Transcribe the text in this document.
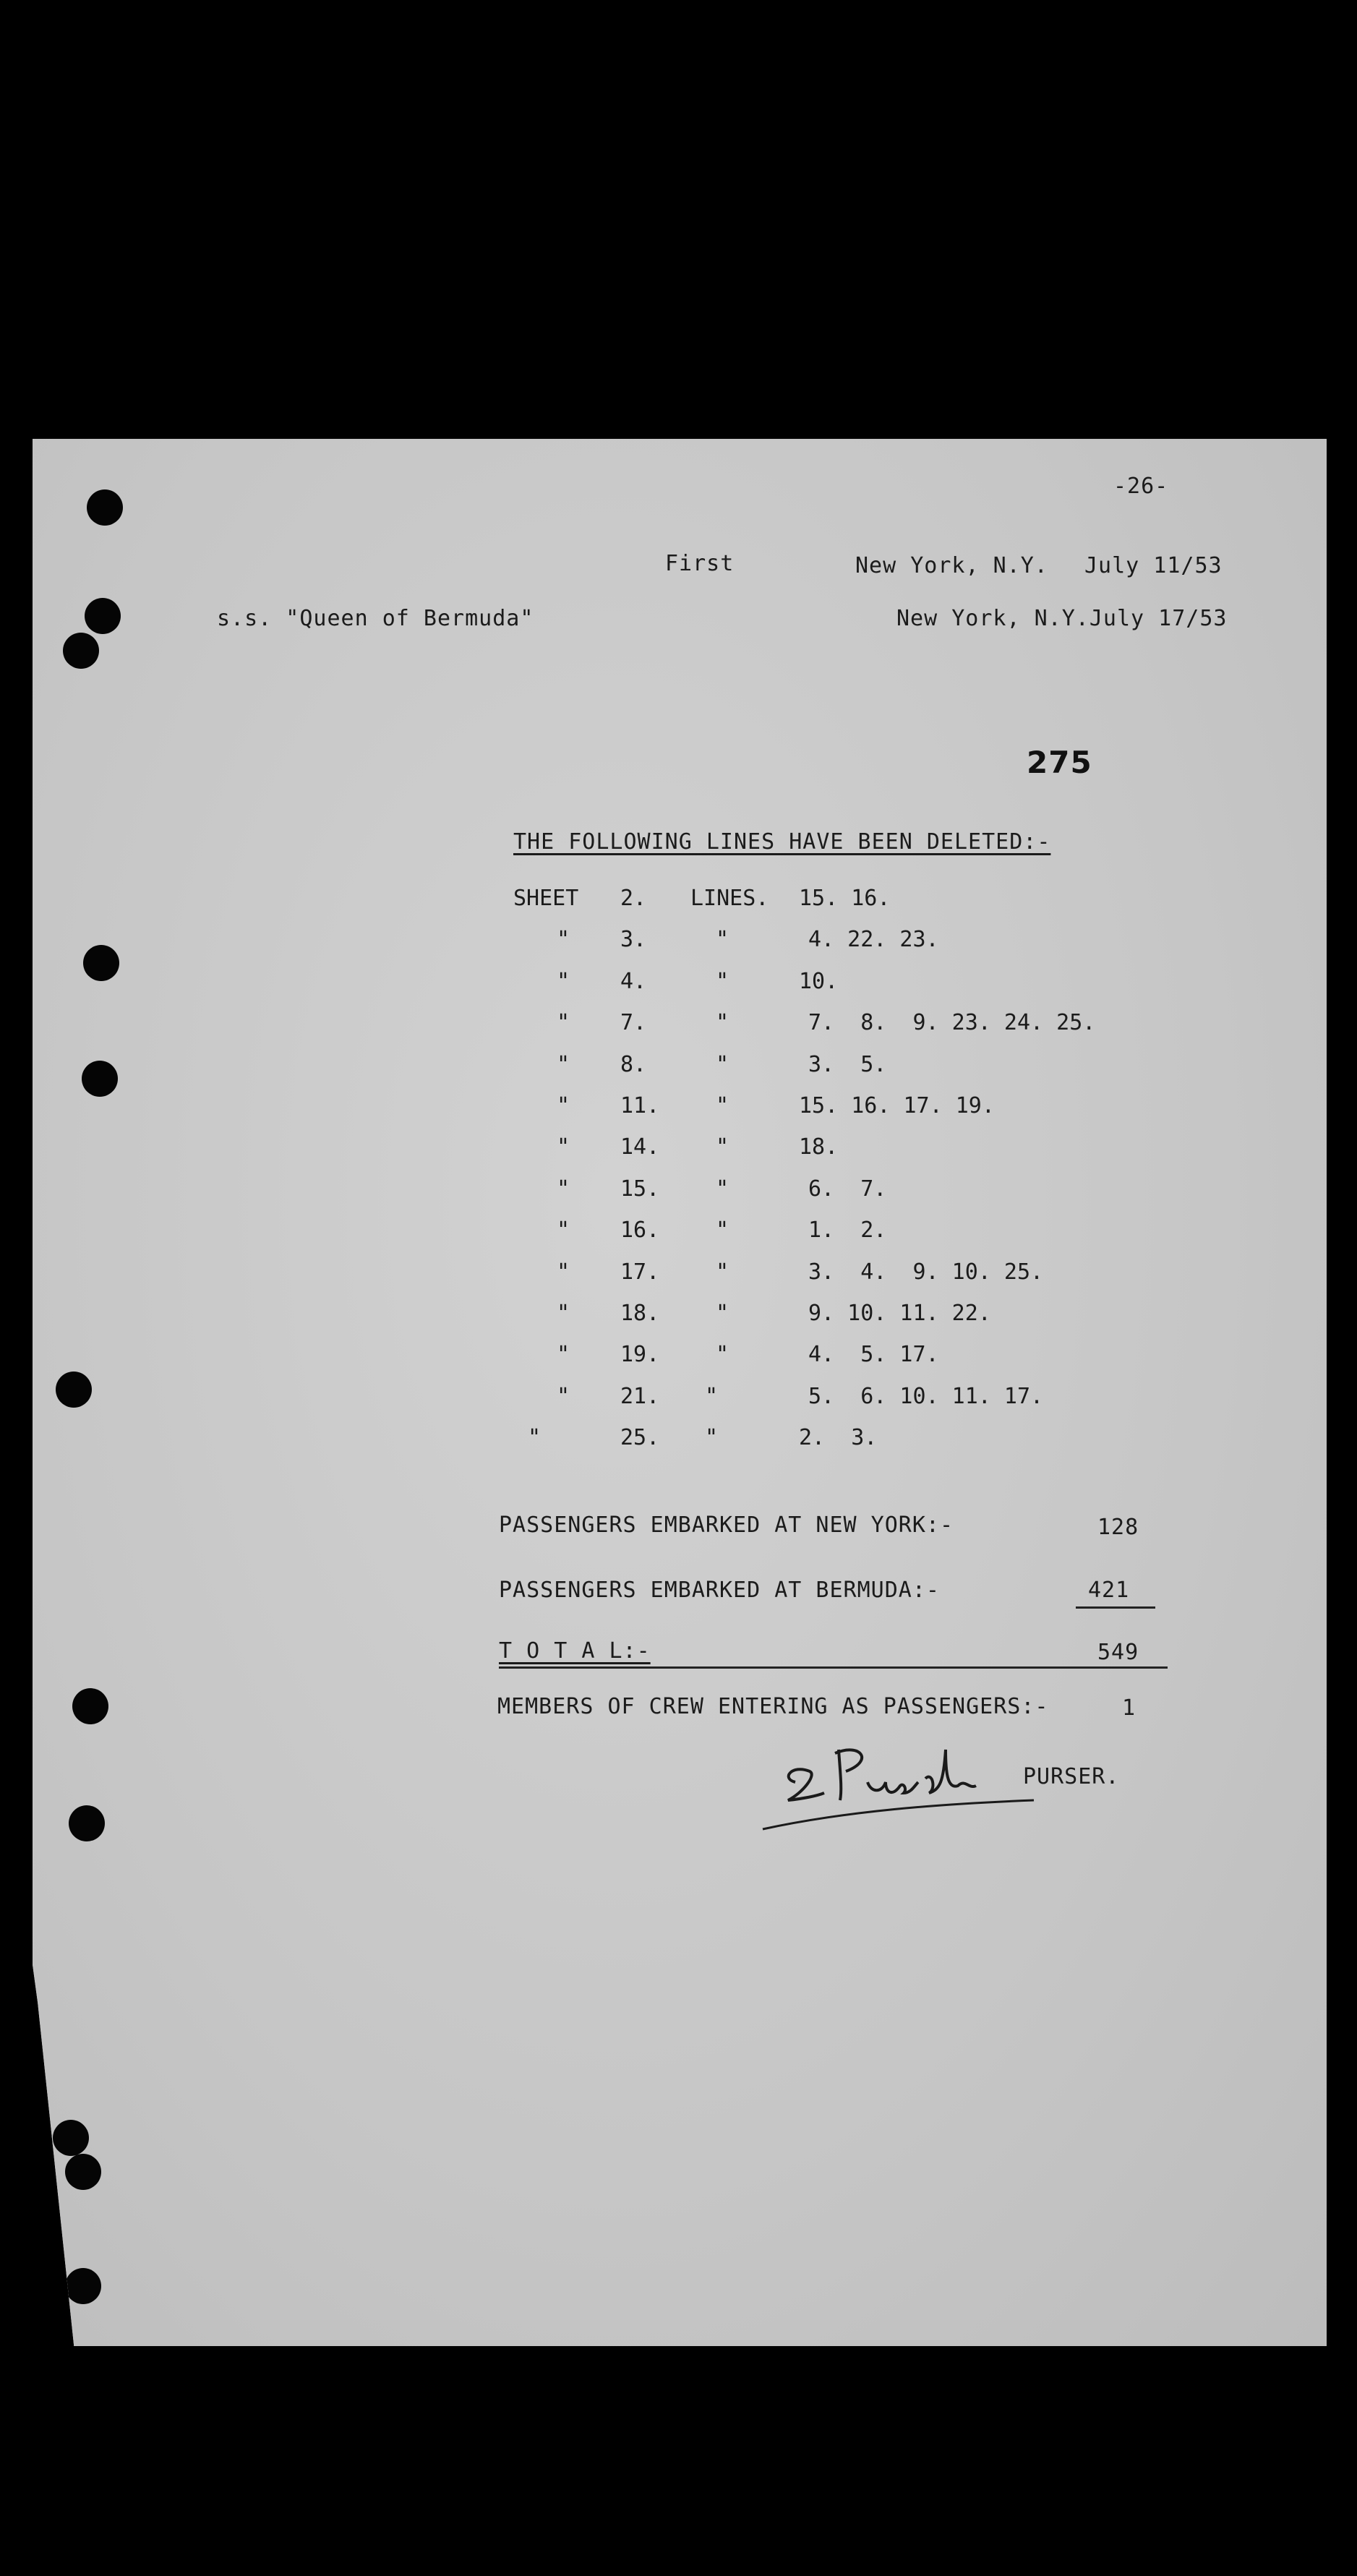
-26-
First	New York, N.Y. July 11/53
s.s. "Queen of Bermuda"	New York, N.Y.July 17/53
275
THE FOLLOWING LINES HAVE BEEN DELETED:-
SHEET 2. LINES. 15. 16.
" 3.	"	4. 22. 23.
" 4.	"	10.
" 7.	"	7.  8.  9. 23. 24. 25.
" 8.	"	3.  5.
" 11.	"	15. 16. 17. 19.
" 14.	"	18.
" 15.	"	6.  7.
" 16.	"	1.  2.
" 17.	"	3.  4.  9. 10. 25.
" 18.	"	9. 10. 11. 22.
" 19.	"	4.  5. 17.
" 21. "	5.  6. 10. 11. 17.
"	25. "	2.  3.
PASSENGERS EMBARKED AT NEW YORK:-	128
PASSENGERS EMBARKED AT BERMUDA:-	421
T O T A L:-	549
MEMBERS OF CREW ENTERING AS PASSENGERS:-	1
PURSER.
